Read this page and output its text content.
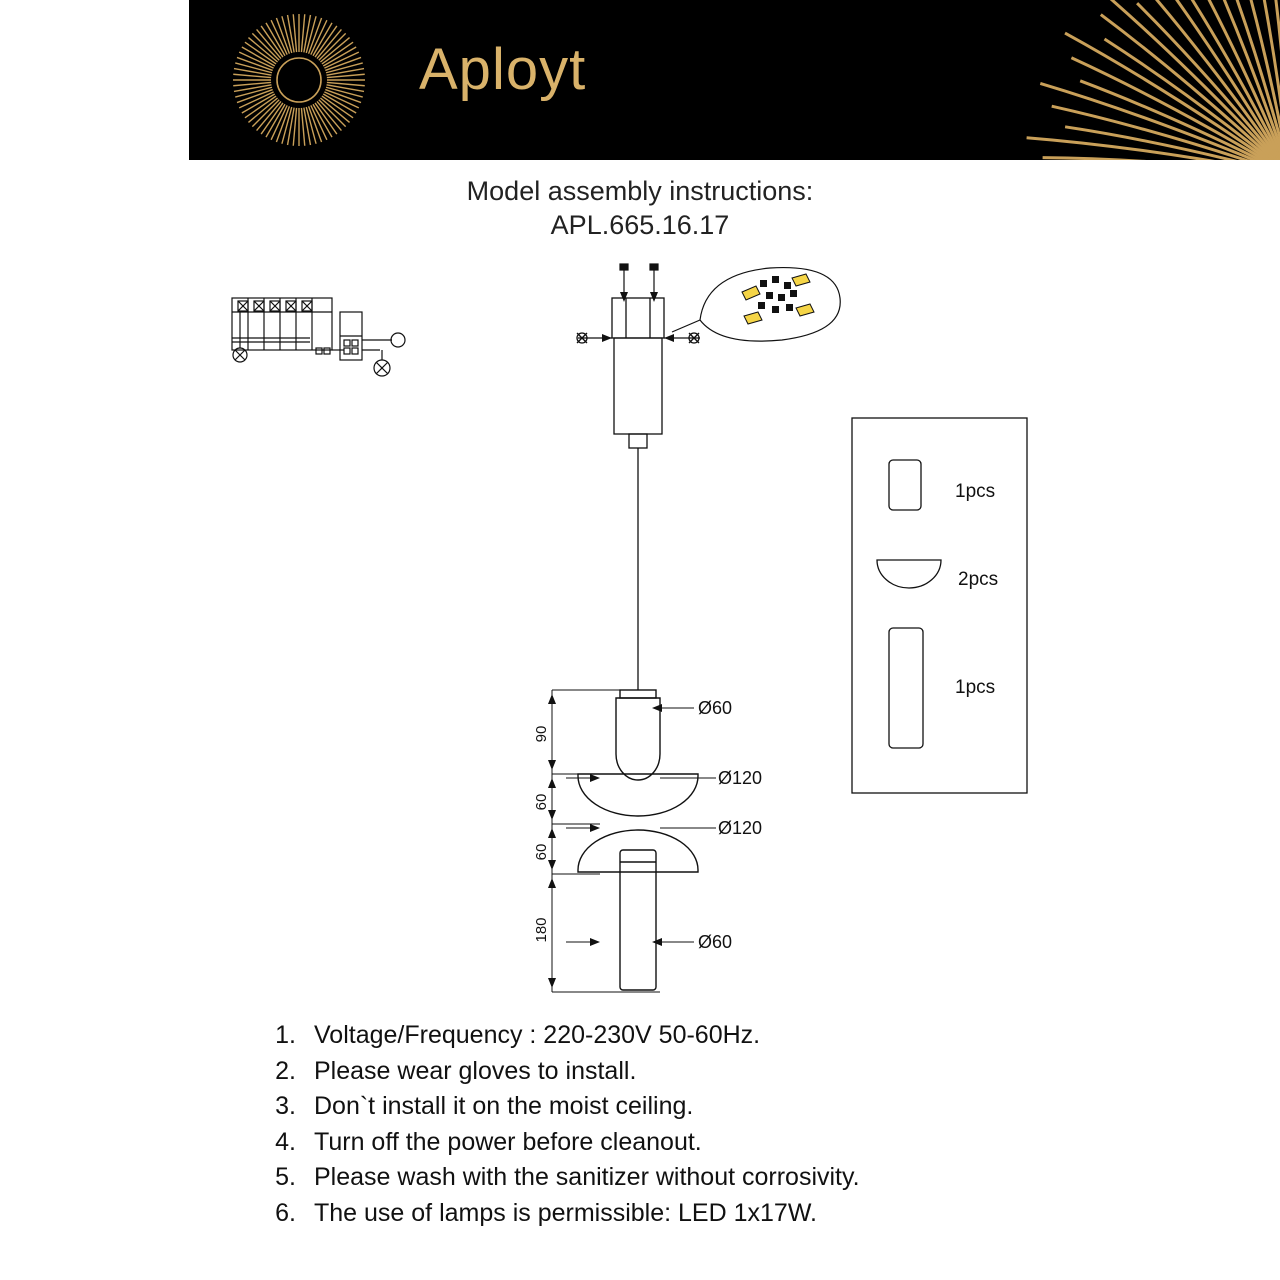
Aployt
Model assembly instructions:
APL.665.16.17
90
60
60
180
Ø60
Ø120
Ø120
Ø60
1pcs
2pcs
1pcs
1. Voltage/Frequency : 220-230V 50-60Hz.
2. Please wear gloves to install.
3. Don`t install it on the moist ceiling.
4. Turn off the power before cleanout.
5. Please wash with the sanitizer without corrosivity.
6. The use of lamps is permissible: LED 1x17W.
